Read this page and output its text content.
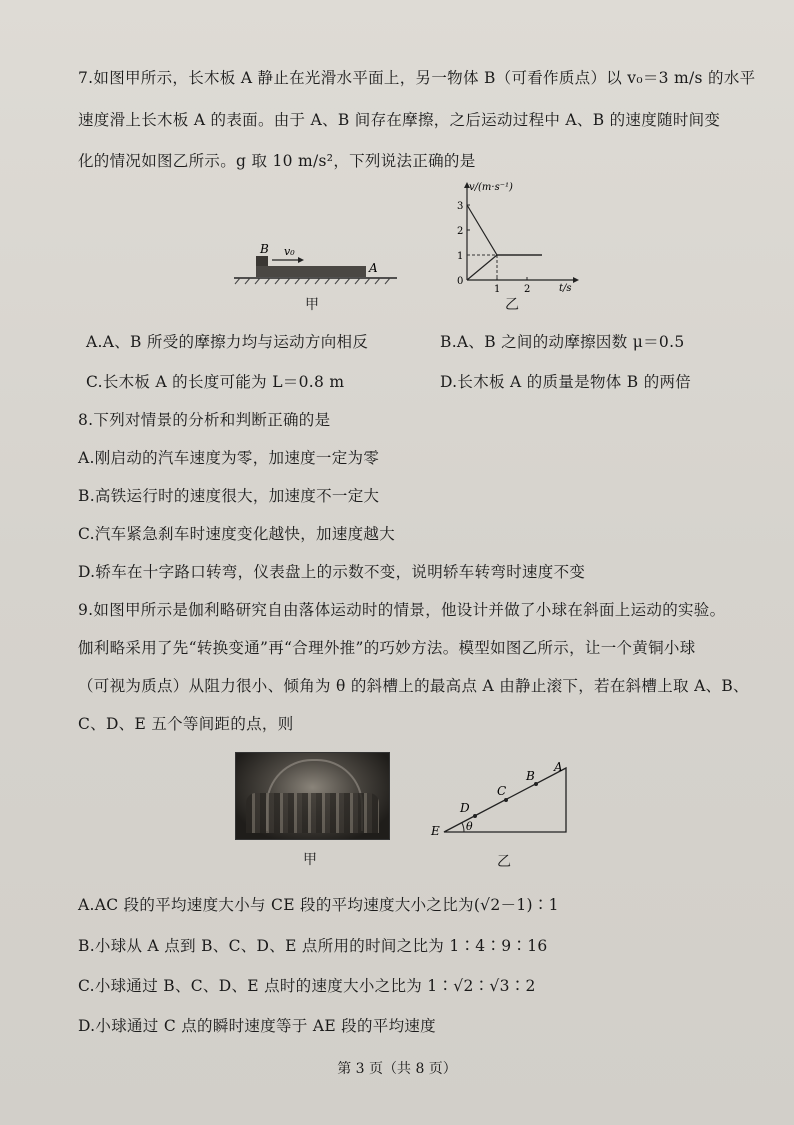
7.如图甲所示，长木板 A 静止在光滑水平面上，另一物体 B（可看作质点）以 v₀＝3 m/s 的水平
速度滑上长木板 A 的表面。由于 A、B 间存在摩擦，之后运动过程中 A、B 的速度随时间变
化的情况如图乙所示。g 取 10 m/s²，下列说法正确的是
B v₀
A
甲
v/(m·s⁻¹)
t/s
0
1
2
3
1 2
乙
A.A、B 所受的摩擦力均与运动方向相反	B.A、B 之间的动摩擦因数 μ＝0.5
C.长木板 A 的长度可能为 L＝0.8 m	D.长木板 A 的质量是物体 B 的两倍
8.下列对情景的分析和判断正确的是
A.刚启动的汽车速度为零，加速度一定为零
B.高铁运行时的速度很大，加速度不一定大
C.汽车紧急刹车时速度变化越快，加速度越大
D.轿车在十字路口转弯，仪表盘上的示数不变，说明轿车转弯时速度不变
9.如图甲所示是伽利略研究自由落体运动时的情景，他设计并做了小球在斜面上运动的实验。
伽利略采用了先“转换变通”再“合理外推”的巧妙方法。模型如图乙所示，让一个黄铜小球
（可视为质点）从阻力很小、倾角为 θ 的斜槽上的最高点 A 由静止滚下，若在斜槽上取 A、B、
C、D、E 五个等间距的点，则
甲
A
B
C
D
E θ
乙
A.AC 段的平均速度大小与 CE 段的平均速度大小之比为(√2－1)∶1
B.小球从 A 点到 B、C、D、E 点所用的时间之比为 1∶4∶9∶16
C.小球通过 B、C、D、E 点时的速度大小之比为 1∶√2∶√3∶2
D.小球通过 C 点的瞬时速度等于 AE 段的平均速度
第 3 页（共 8 页）
